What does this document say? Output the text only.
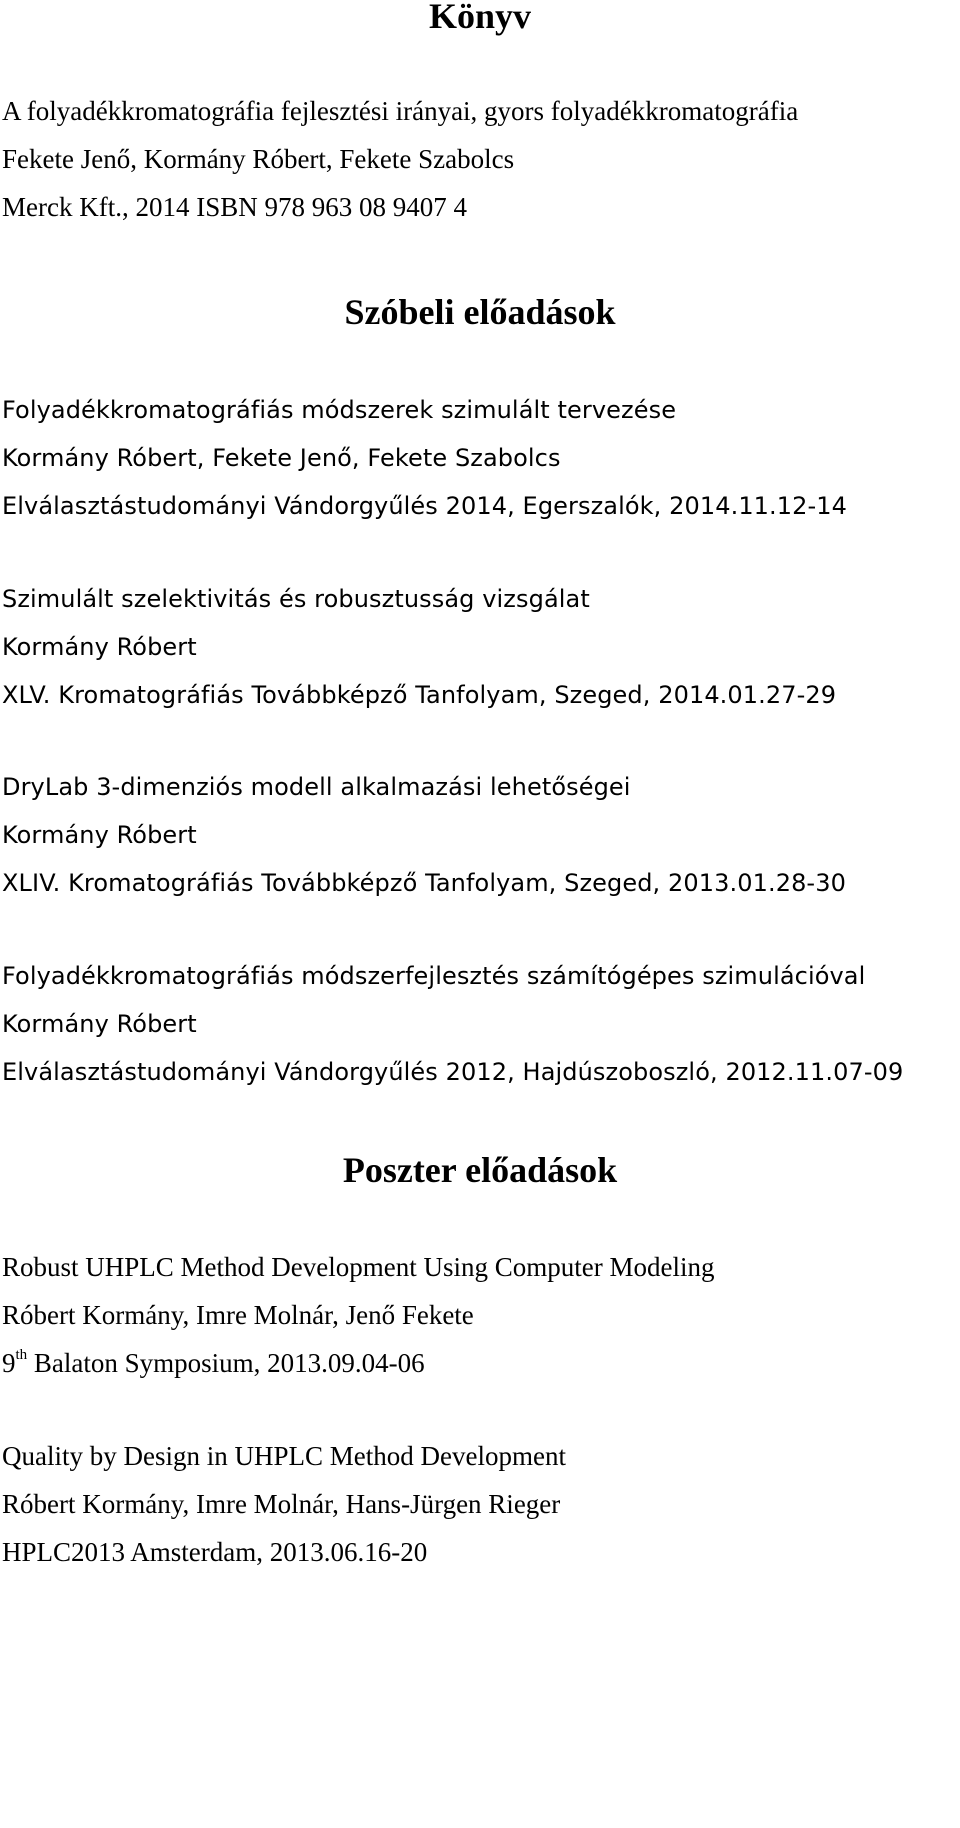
Könyv

A folyadékkromatográfia fejlesztési irányai, gyors folyadékkromatográfia

Fekete Jenő, Kormány Róbert, Fekete Szabolcs

Merck Kft., 2014 ISBN 978 963 08 9407 4

Szóbeli előadások

Folyadékkromatográfiás módszerek szimulált tervezése

Kormány Róbert, Fekete Jenő, Fekete Szabolcs

Elválasztástudományi Vándorgyűlés 2014, Egerszalók, 2014.11.12-14

Szimulált szelektivitás és robusztusság vizsgálat

Kormány Róbert

XLV. Kromatográfiás Továbbképző Tanfolyam, Szeged, 2014.01.27-29

DryLab 3-dimenziós modell alkalmazási lehetőségei

Kormány Róbert

XLIV. Kromatográfiás Továbbképző Tanfolyam, Szeged, 2013.01.28-30

Folyadékkromatográfiás módszerfejlesztés számítógépes szimulációval

Kormány Róbert

Elválasztástudományi Vándorgyűlés 2012, Hajdúszoboszló, 2012.11.07-09

Poszter előadások

Robust UHPLC Method Development Using Computer Modeling

Róbert Kormány, Imre Molnár, Jenő Fekete

9th Balaton Symposium, 2013.09.04-06

Quality by Design in UHPLC Method Development

Róbert Kormány, Imre Molnár, Hans-Jürgen Rieger

HPLC2013 Amsterdam, 2013.06.16-20
